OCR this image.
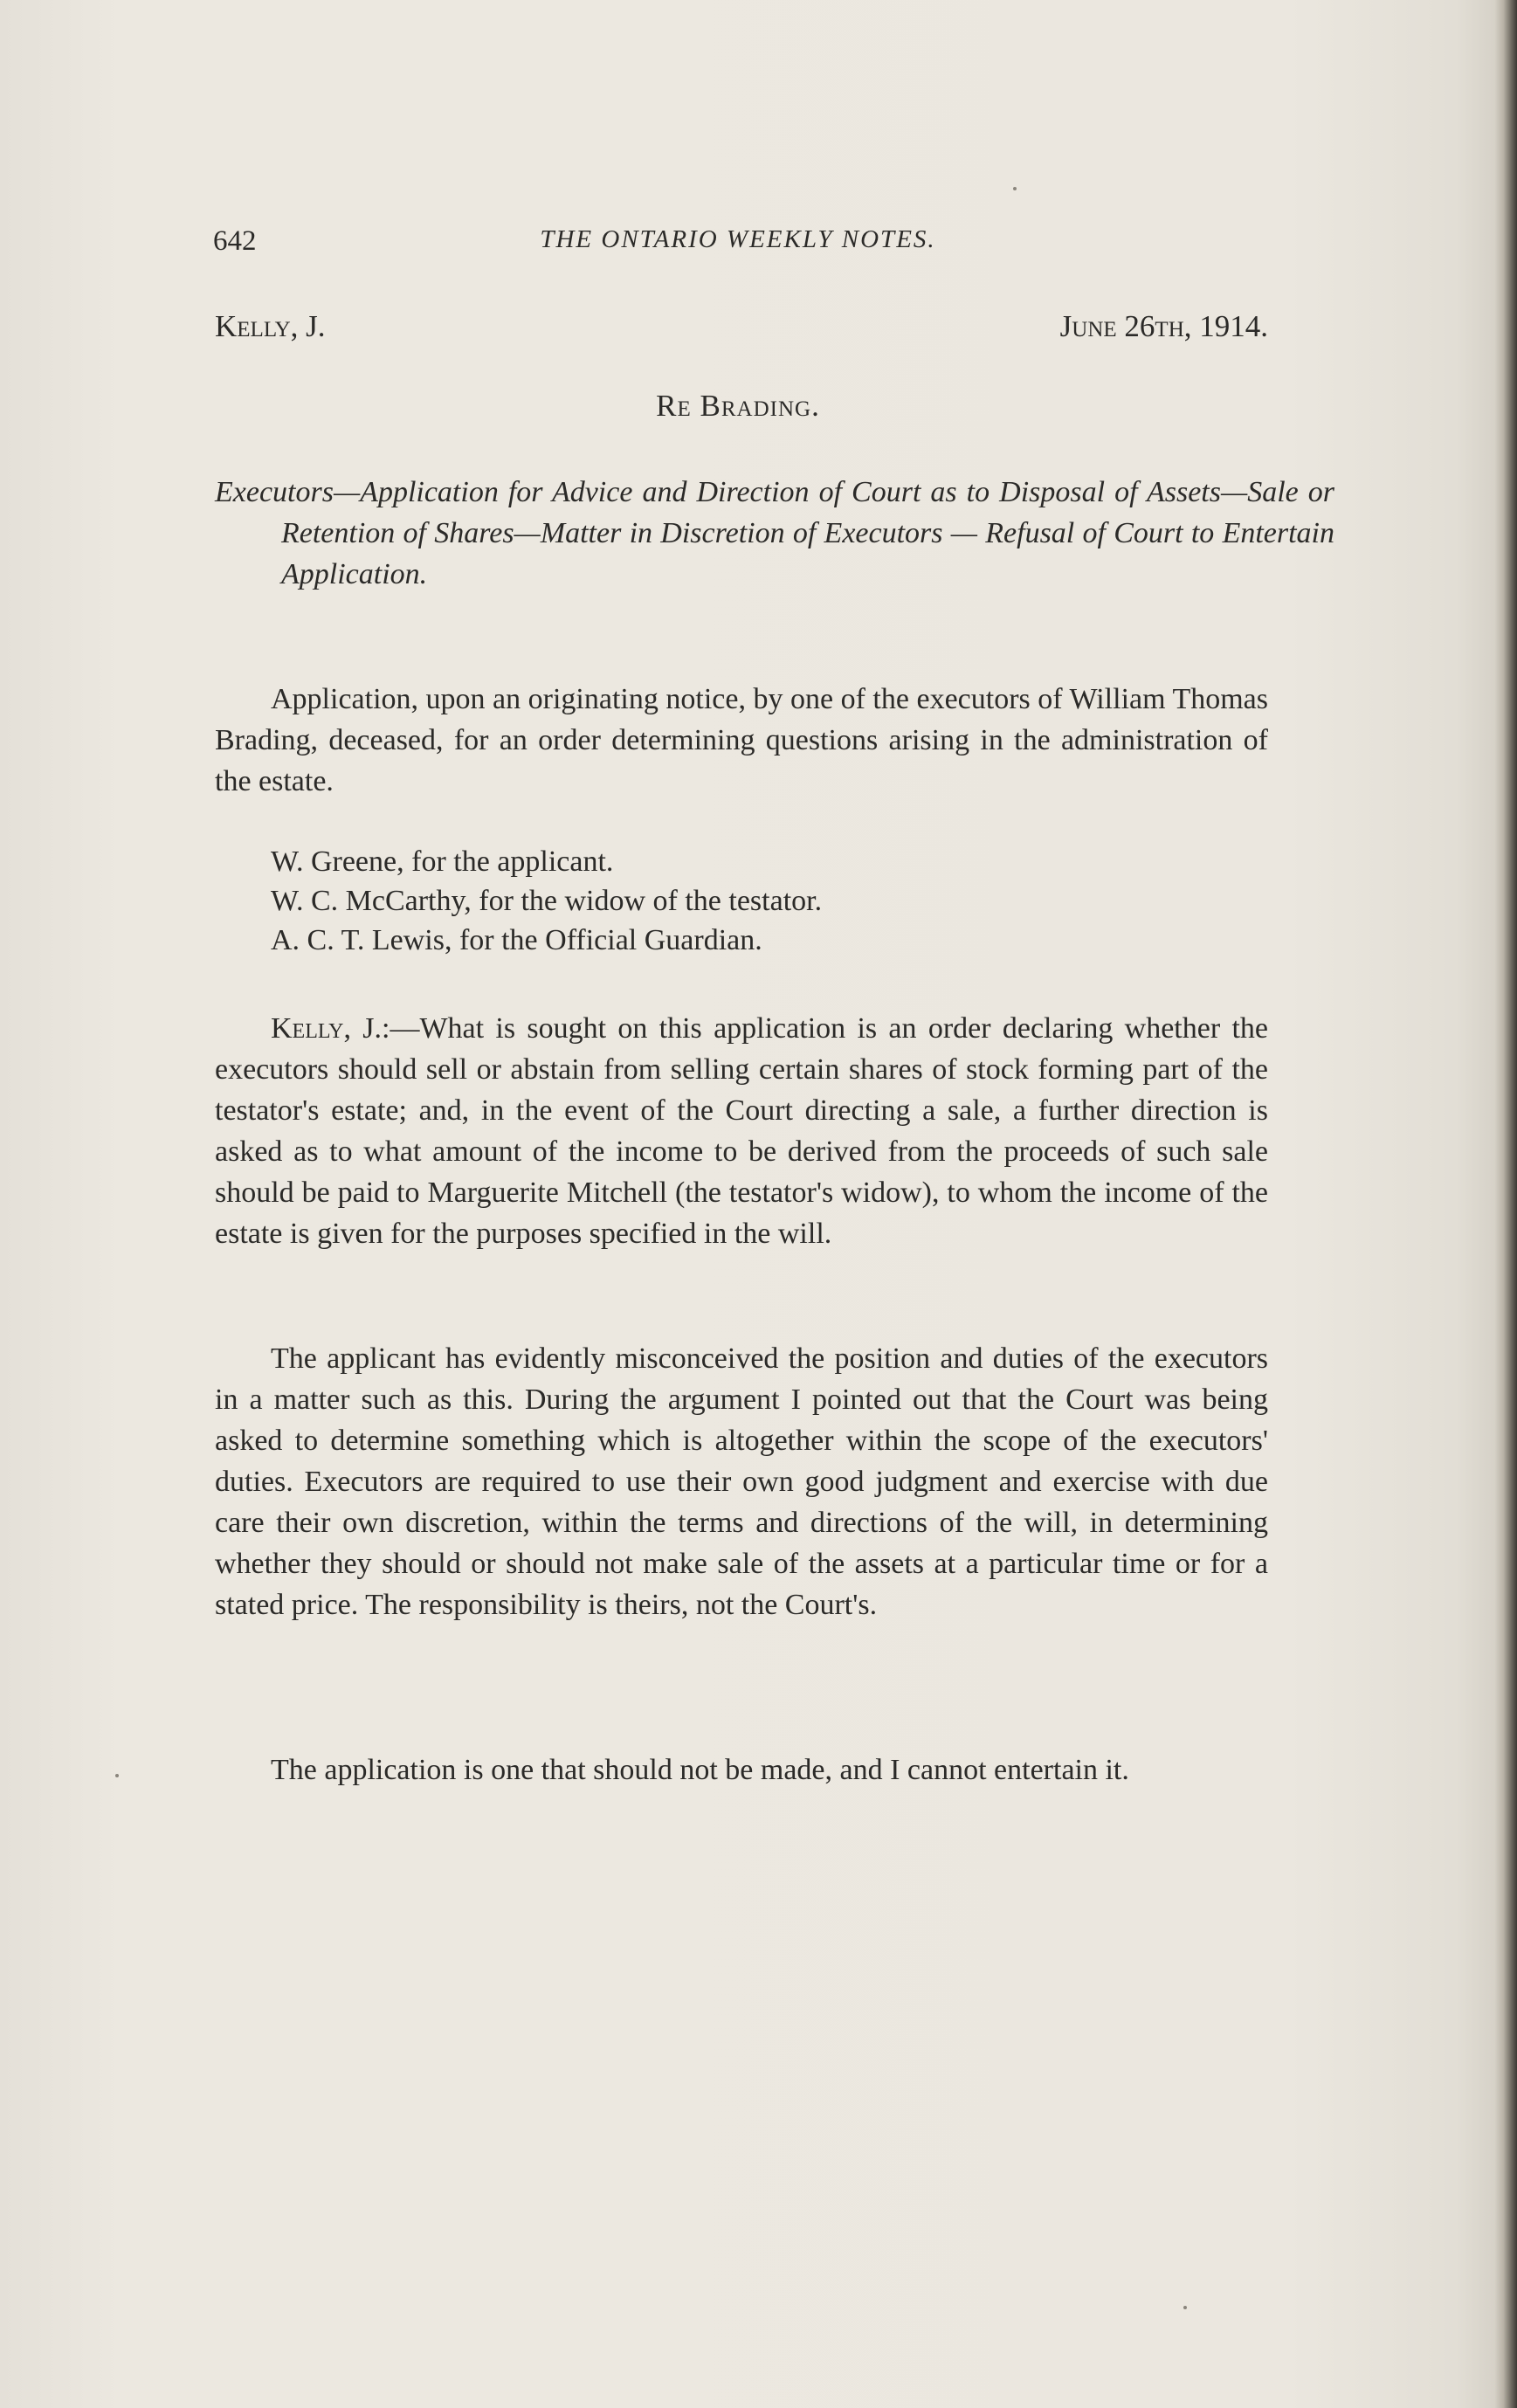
642	THE ONTARIO WEEKLY NOTES.
Kelly, J.	June 26th, 1914.
Re Brading.
Executors—Application for Advice and Direction of Court as to Disposal of Assets—Sale or Retention of Shares—Matter in Discretion of Executors — Refusal of Court to Entertain Application.

Application, upon an originating notice, by one of the executors of William Thomas Brading, deceased, for an order determining questions arising in the administration of the estate.

W. Greene, for the applicant.
W. C. McCarthy, for the widow of the testator.
A. C. T. Lewis, for the Official Guardian.

Kelly, J.:—What is sought on this application is an order declaring whether the executors should sell or abstain from selling certain shares of stock forming part of the testator's estate; and, in the event of the Court directing a sale, a further direction is asked as to what amount of the income to be derived from the proceeds of such sale should be paid to Marguerite Mitchell (the testator's widow), to whom the income of the estate is given for the purposes specified in the will.

The applicant has evidently misconceived the position and duties of the executors in a matter such as this. During the argument I pointed out that the Court was being asked to determine something which is altogether within the scope of the executors' duties. Executors are required to use their own good judgment and exercise with due care their own discretion, within the terms and directions of the will, in determining whether they should or should not make sale of the assets at a particular time or for a stated price. The responsibility is theirs, not the Court's.

The application is one that should not be made, and I cannot entertain it.
